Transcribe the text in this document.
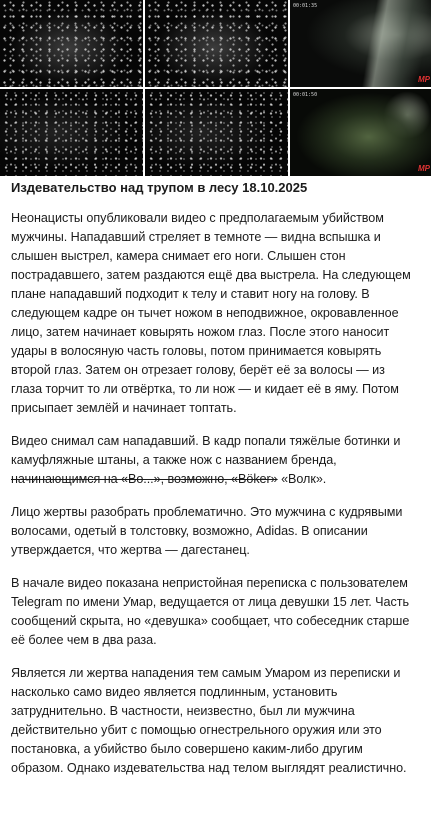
00:01:35
MP
00:01:50
MP
Издевательство над трупом в лесу 18.10.2025

Неонацисты опубликовали видео с предполагаемым убийством мужчины. Нападавший стреляет в темноте — видна вспышка и слышен выстрел, камера снимает его ноги. Слышен стон пострадавшего, затем раздаются ещё два выстрела. На следующем плане нападавший подходит к телу и ставит ногу на голову. В следующем кадре он тычет ножом в неподвижное, окровавленное лицо, затем начинает ковырять ножом глаз. После этого наносит удары в волосяную часть головы, потом принимается ковырять второй глаз. Затем он отрезает голову, берёт её за волосы — из глаза торчит то ли отвёртка, то ли нож — и кидает её в яму. Потом присыпает землёй и начинает топтать.

Видео снимал сам нападавший. В кадр попали тяжёлые ботинки и камуфляжные штаны, а также нож с названием бренда, начинающимся на «Во...», возможно, «Böker» «Волк».

Лицо жертвы разобрать проблематично. Это мужчина с кудрявыми волосами, одетый в толстовку, возможно, Adidas. В описании утверждается, что жертва — дагестанец.

В начале видео показана непристойная переписка с пользователем Telegram по имени Умар, ведущается от лица девушки 15 лет. Часть сообщений скрыта, но «девушка» сообщает, что собеседник старше её более чем в два раза.

Является ли жертва нападения тем самым Умаром из переписки и насколько само видео является подлинным, установить затруднительно. В частности, неизвестно, был ли мужчина действительно убит с помощью огнестрельного оружия или это постановка, а убийство было совершено каким-либо другим образом. Однако издевательства над телом выглядят реалистично.
